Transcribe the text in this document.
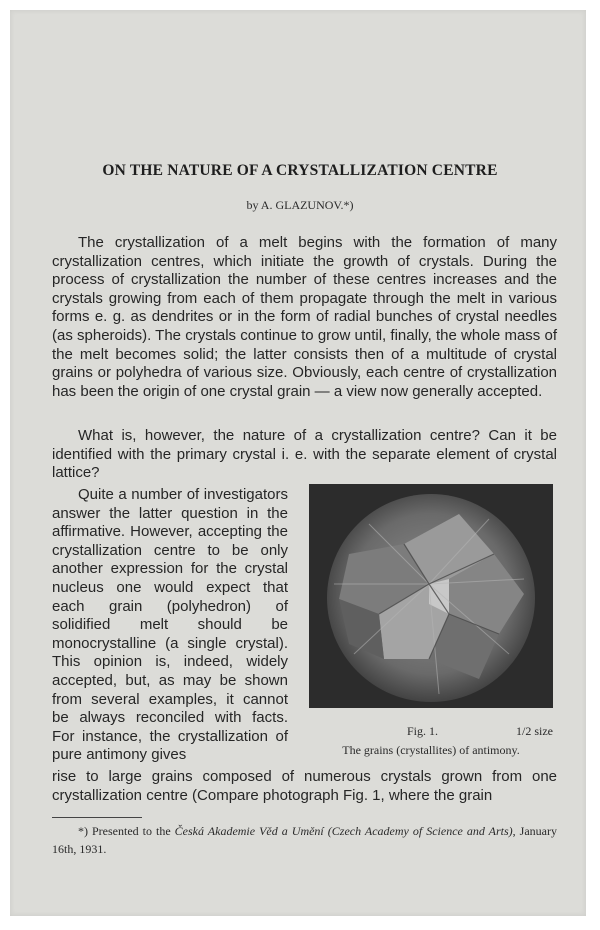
ON THE NATURE OF A CRYSTALLIZATION CENTRE
by A. GLAZUNOV.*)
The crystallization of a melt begins with the formation of many crystallization centres, which initiate the growth of crystals. During the process of crystallization the number of these centres increases and the crystals growing from each of them propagate through the melt in various forms e. g. as dendrites or in the form of radial bunches of crystal needles (as spheroids). The crystals continue to grow until, finally, the whole mass of the melt becomes solid; the latter consists then of a multitude of crystal grains or polyhedra of various size. Obviously, each centre of crystallization has been the origin of one crystal grain — a view now generally accepted.
What is, however, the nature of a crystallization centre? Can it be identified with the primary crystal i. e. with the separate element of crystal lattice?
Quite a number of investigators answer the latter question in the affirmative. However, accepting the crystallization centre to be only another expression for the crystal nucleus one would expect that each grain (polyhedron) of solidified melt should be monocrystalline (a single crystal). This opinion is, indeed, widely accepted, but, as may be shown from several examples, it cannot be always reconciled with facts. For instance, the crystallization of pure antimony gives
Fig. 1.	1/2 size
The grains (crystallites) of antimony.
rise to large grains composed of numerous crystals grown from one crystallization centre (Compare photograph Fig. 1, where the grain
*) Presented to the Česká Akademie Věd a Umění (Czech Academy of Science and Arts), January 16th, 1931.
